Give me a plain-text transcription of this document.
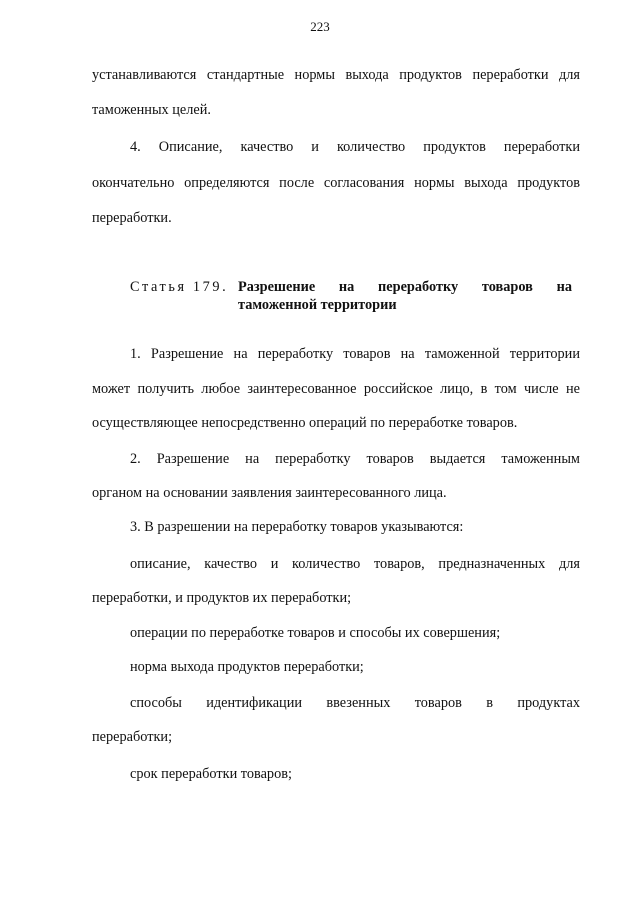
223
устанавливаются стандартные нормы выхода продуктов переработки для
таможенных целей.
4. Описание, качество и количество продуктов переработки
окончательно определяются после согласования нормы выхода продуктов
переработки.
Статья 179. Разрешение на переработку товаров на
таможенной территории
1. Разрешение на переработку товаров на таможенной территории
может получить любое заинтересованное российское лицо, в том числе не
осуществляющее непосредственно операций по переработке товаров.
2. Разрешение на переработку товаров выдается таможенным
органом на основании заявления заинтересованного лица.
3. В разрешении на переработку товаров указываются:
описание, качество и количество товаров, предназначенных для
переработки, и продуктов их переработки;
операции по переработке товаров и способы их совершения;
норма выхода продуктов переработки;
способы идентификации ввезенных товаров в продуктах
переработки;
срок переработки товаров;
